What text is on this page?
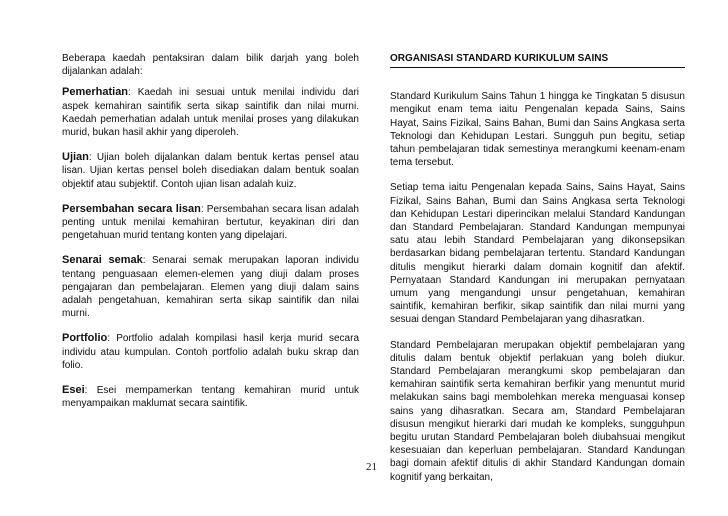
Beberapa kaedah pentaksiran dalam bilik darjah yang boleh dijalankan adalah:

Pemerhatian: Kaedah ini sesuai untuk menilai individu dari aspek kemahiran saintifik serta sikap saintifik dan nilai murni. Kaedah pemerhatian adalah untuk menilai proses yang dilakukan murid, bukan hasil akhir yang diperoleh.

Ujian: Ujian boleh dijalankan dalam bentuk kertas pensel atau lisan. Ujian kertas pensel boleh disediakan dalam bentuk soalan objektif atau subjektif. Contoh ujian lisan adalah kuiz.

Persembahan secara lisan: Persembahan secara lisan adalah penting untuk menilai kemahiran bertutur, keyakinan diri dan pengetahuan murid tentang konten yang dipelajari.

Senarai semak: Senarai semak merupakan laporan individu tentang penguasaan elemen-elemen yang diuji dalam proses pengajaran dan pembelajaran. Elemen yang diuji dalam sains adalah pengetahuan, kemahiran serta sikap saintifik dan nilai murni.

Portfolio: Portfolio adalah kompilasi hasil kerja murid secara individu atau kumpulan. Contoh portfolio adalah buku skrap dan folio.

Esei: Esei mempamerkan tentang kemahiran murid untuk menyampaikan maklumat secara saintifik.

ORGANISASI STANDARD KURIKULUM SAINS

Standard Kurikulum Sains Tahun 1 hingga ke Tingkatan 5 disusun mengikut enam tema iaitu Pengenalan kepada Sains, Sains Hayat, Sains Fizikal, Sains Bahan, Bumi dan Sains Angkasa serta Teknologi dan Kehidupan Lestari. Sungguh pun begitu, setiap tahun pembelajaran tidak semestinya merangkumi keenam-enam tema tersebut.

Setiap tema iaitu Pengenalan kepada Sains, Sains Hayat, Sains Fizikal, Sains Bahan, Bumi dan Sains Angkasa serta Teknologi dan Kehidupan Lestari diperincikan melalui Standard Kandungan dan Standard Pembelajaran. Standard Kandungan mempunyai satu atau lebih Standard Pembelajaran yang dikonsepsikan berdasarkan bidang pembelajaran tertentu. Standard Kandungan ditulis mengikut hierarki dalam domain kognitif dan afektif. Pernyataan Standard Kandungan ini merupakan pernyataan umum yang mengandungi unsur pengetahuan, kemahiran saintifik, kemahiran berfikir, sikap saintifik dan nilai murni yang sesuai dengan Standard Pembelajaran yang dihasratkan.

Standard Pembelajaran merupakan objektif pembelajaran yang ditulis dalam bentuk objektif perlakuan yang boleh diukur. Standard Pembelajaran merangkumi skop pembelajaran dan kemahiran saintifik serta kemahiran berfikir yang menuntut murid melakukan sains bagi membolehkan mereka menguasai konsep sains yang dihasratkan. Secara am, Standard Pembelajaran disusun mengikut hierarki dari mudah ke kompleks, sungguhpun begitu urutan Standard Pembelajaran boleh diubahsuai mengikut kesesuaian dan keperluan pembelajaran. Standard Kandungan bagi domain afektif ditulis di akhir Standard Kandungan domain kognitif yang berkaitan,

21
